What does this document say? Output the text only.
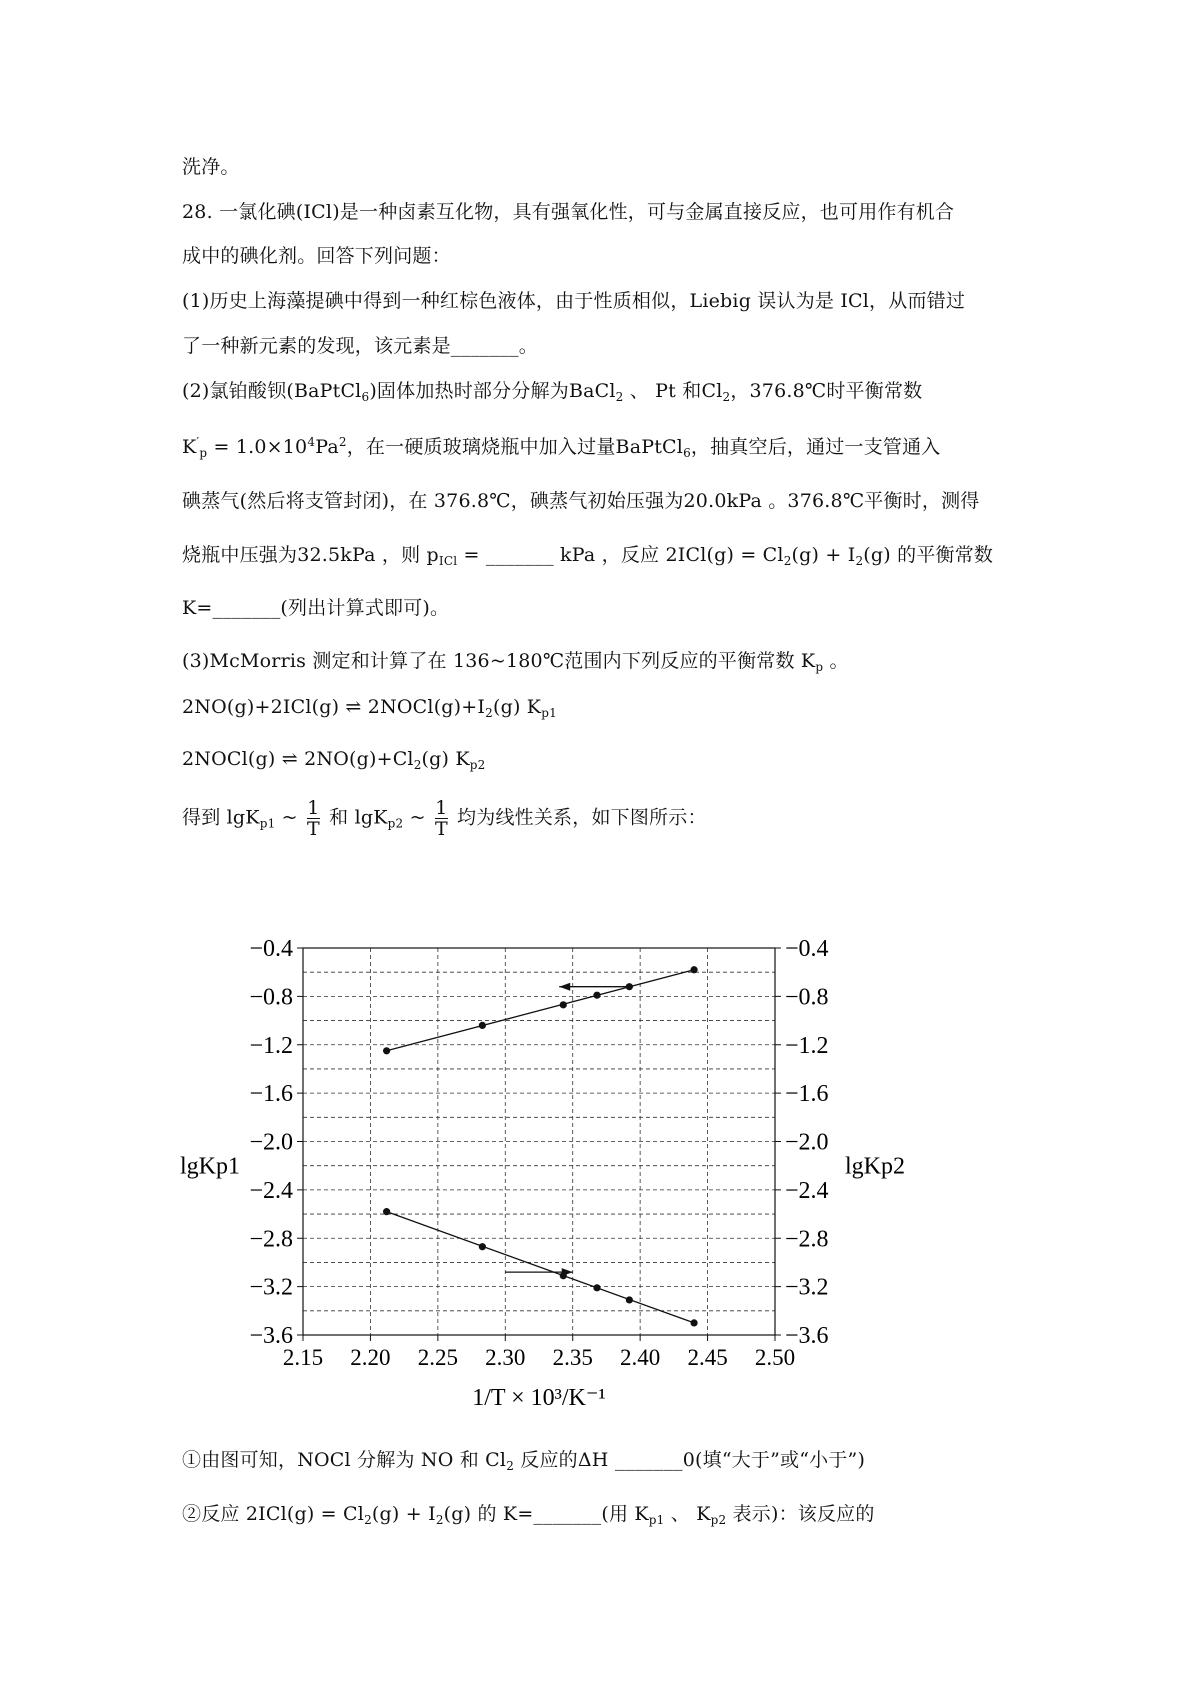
洗净。
28. 一氯化碘(ICl)是一种卤素互化物，具有强氧化性，可与金属直接反应，也可用作有机合
成中的碘化剂。回答下列问题：
(1)历史上海藻提碘中得到一种红棕色液体，由于性质相似，Liebig 误认为是 ICl，从而错过
了一种新元素的发现，该元素是_______。
(2)氯铂酸钡(BaPtCl$_6$)固体加热时部分分解为BaCl$_2$ 、 Pt 和$Cl_2$，376.8℃时平衡常数
$K'_p = 1.0\times 10^4Pa^2$，在一硬质玻璃烧瓶中加入过量BaPtCl$_6$，抽真空后，通过一支管通入
碘蒸气(然后将支管封闭)，在 376.8℃，碘蒸气初始压强为20.0kPa 。376.8℃平衡时，测得
烧瓶中压强为32.5kPa ，则 $p_{ICl}$ = _______ kPa ，反应 $2ICl(g) = Cl_2(g) + I_2(g)$ 的平衡常数
K=_______(列出计算式即可)。
(3)McMorris 测定和计算了在 136~180℃范围内下列反应的平衡常数 $K_p$ 。
2NO(g)+2ICl(g) ⇌ $2NOCl(g)+I_2(g)$ $K_{p1}$
2NOCl(g) ⇌ $2NO(g)+Cl_2(g)$ $K_{p2}$
得到 lgK$_{p1}$ ~ $\frac{1}{T}$ 和 lgK$_{p2}$ ~ $\frac{1}{T}$ 均为线性关系，如下图所示：
−0.4	−0.4
−0.8	−0.8
−1.2	−1.2
−1.6	−1.6
−2.0	−2.0
−2.4	−2.4
−2.8	−2.8
−3.2	−3.2
−3.6	−3.6
2.15 2.20 2.25 2.30 2.35 2.40 2.45 2.50
lgKp1	lgKp2
1/T × 10³/K⁻¹
①由图可知，NOCl 分解为 NO 和 $Cl_2$ 反应的ΔH _______0(填“大于”或“小于”)
②反应 $2ICl(g) = Cl_2(g) + I_2(g)$ 的 K=_______(用 $K_{p1}$ 、 $K_{p2}$ 表示)：该反应的
